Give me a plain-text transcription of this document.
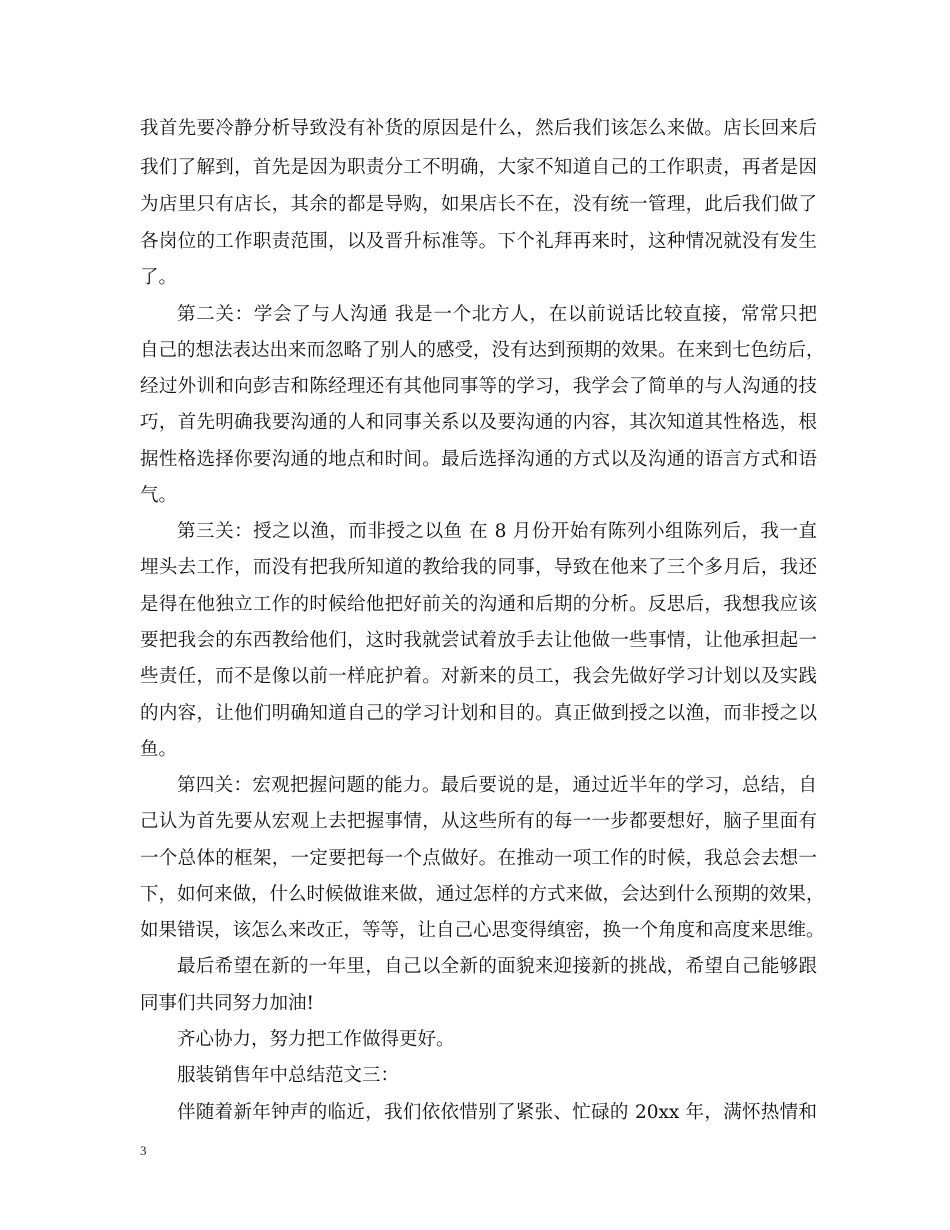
我首先要冷静分析导致没有补货的原因是什么，然后我们该怎么来做。店长回来后
我们了解到，首先是因为职责分工不明确，大家不知道自己的工作职责，再者是因
为店里只有店长，其余的都是导购，如果店长不在，没有统一管理，此后我们做了
各岗位的工作职责范围，以及晋升标准等。下个礼拜再来时，这种情况就没有发生
了。
第二关：学会了与人沟通 我是一个北方人，在以前说话比较直接，常常只把
自己的想法表达出来而忽略了别人的感受，没有达到预期的效果。在来到七色纺后，
经过外训和向彭吉和陈经理还有其他同事等的学习，我学会了简单的与人沟通的技
巧，首先明确我要沟通的人和同事关系以及要沟通的内容，其次知道其性格选，根
据性格选择你要沟通的地点和时间。最后选择沟通的方式以及沟通的语言方式和语
气。
第三关：授之以渔，而非授之以鱼 在 8 月份开始有陈列小组陈列后，我一直
埋头去工作，而没有把我所知道的教给我的同事，导致在他来了三个多月后，我还
是得在他独立工作的时候给他把好前关的沟通和后期的分析。反思后，我想我应该
要把我会的东西教给他们，这时我就尝试着放手去让他做一些事情，让他承担起一
些责任，而不是像以前一样庇护着。对新来的员工，我会先做好学习计划以及实践
的内容，让他们明确知道自己的学习计划和目的。真正做到授之以渔，而非授之以
鱼。
第四关：宏观把握问题的能力。最后要说的是，通过近半年的学习，总结，自
己认为首先要从宏观上去把握事情，从这些所有的每一一步都要想好，脑子里面有
一个总体的框架，一定要把每一个点做好。在推动一项工作的时候，我总会去想一
下，如何来做，什么时候做谁来做，通过怎样的方式来做，会达到什么预期的效果，
如果错误，该怎么来改正，等等，让自己心思变得缜密，换一个角度和高度来思维。
最后希望在新的一年里，自己以全新的面貌来迎接新的挑战，希望自己能够跟
同事们共同努力加油!
齐心协力，努力把工作做得更好。
服装销售年中总结范文三：
伴随着新年钟声的临近，我们依依惜别了紧张、忙碌的 20xx 年，满怀热情和
3
